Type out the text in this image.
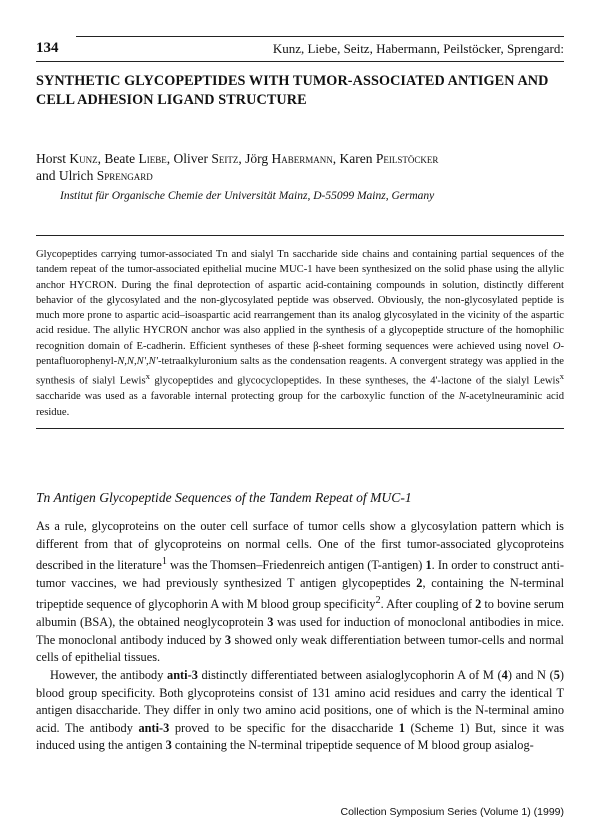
134	Kunz, Liebe, Seitz, Habermann, Peilstöcker, Sprengard:
SYNTHETIC GLYCOPEPTIDES WITH TUMOR-ASSOCIATED ANTIGEN AND CELL ADHESION LIGAND STRUCTURE
Horst Kunz, Beate Liebe, Oliver Seitz, Jörg Habermann, Karen Peilstöcker
and Ulrich Sprengard
Institut für Organische Chemie der Universität Mainz, D-55099 Mainz, Germany

Glycopeptides carrying tumor-associated Tn and sialyl Tn saccharide side chains and containing partial sequences of the tandem repeat of the tumor-associated epithelial mucine MUC-1 have been synthesized on the solid phase using the allylic anchor HYCRON. During the final deprotection of aspartic acid-containing compounds in solution, distinctly different behavior of the glycosylated and the non-glycosylated peptide was observed. Obviously, the non-glycosylated peptide is much more prone to aspartic acid–isoaspartic acid rearrangement than its analog glycosylated in the vicinity of the aspartic acid residue. The allylic HYCRON anchor was also applied in the synthesis of a glycopeptide structure of the homophilic recognition domain of E-cadherin. Efficient syntheses of these β-sheet forming sequences were achieved using novel O-pentafluorophenyl-N,N,N',N'-tetraalkyluronium salts as the condensation reagents. A convergent strategy was applied in the synthesis of sialyl Lewis$^x$ glycopeptides and glycocyclopeptides. In these syntheses, the 4'-lactone of the sialyl Lewis$^x$ saccharide was used as a favorable internal protecting group for the carboxylic function of the N-acetylneuraminic acid residue.

Tn Antigen Glycopeptide Sequences of the Tandem Repeat of MUC-1

As a rule, glycoproteins on the outer cell surface of tumor cells show a glycosylation pattern which is different from that of glycoproteins on normal cells. One of the first tumor-associated glycoproteins described in the literature$^1$ was the Thomsen–Friedenreich antigen (T-antigen) 1. In order to construct anti-tumor vaccines, we had previously synthesized T antigen glycopeptides 2, containing the N-terminal tripeptide sequence of glycophorin A with M blood group specificity$^2$. After coupling of 2 to bovine serum albumin (BSA), the obtained neoglycoprotein 3 was used for induction of monoclonal antibodies in mice. The monoclonal antibody induced by 3 showed only weak differentiation between tumor-cells and normal cells of epithelial tissues.

However, the antibody anti-3 distinctly differentiated between asialoglycophorin A of M (4) and N (5) blood group specificity. Both glycoproteins consist of 131 amino acid residues and carry the identical T antigen disaccharide. They differ in only two amino acid positions, one of which is the N-terminal amino acid. The antibody anti-3 proved to be specific for the disaccharide 1 (Scheme 1) But, since it was induced using the antigen 3 containing the N-terminal tripeptide sequence of M blood group asialog-

Collection Symposium Series (Volume 1) (1999)
